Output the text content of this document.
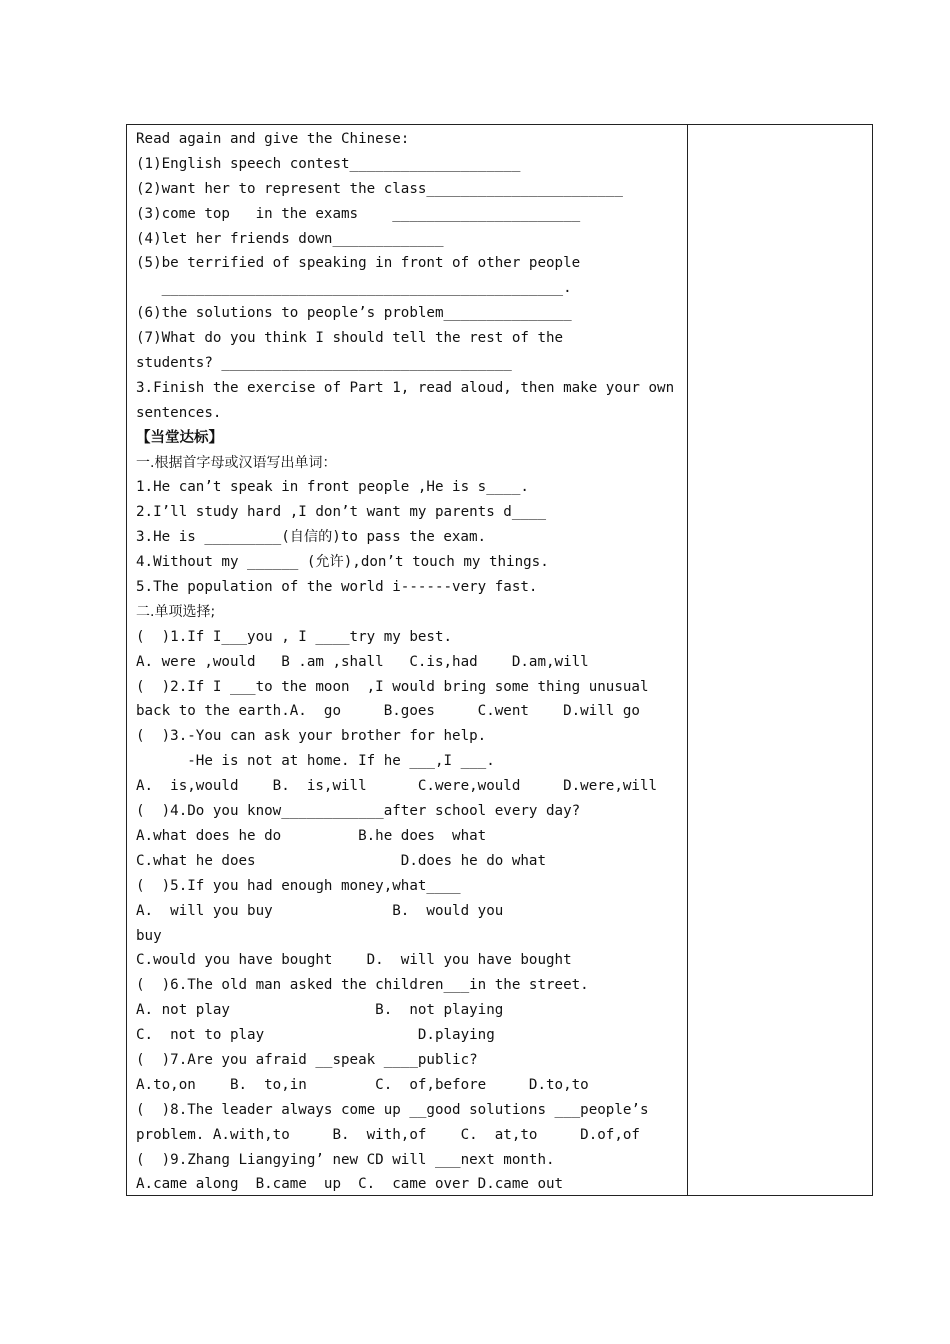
Read again and give the Chinese:
(1)English speech contest____________________
(2)want her to represent the class_______________________
(3)come top   in the exams    ______________________
(4)let her friends down_____________
(5)be terrified of speaking in front of other people
_______________________________________________.
(6)the solutions to people’s problem_______________
(7)What do you think I should tell the rest of the
students? __________________________________
3.Finish the exercise of Part 1, read aloud, then make your own
sentences.
【当堂达标】
一.根据首字母或汉语写出单词：
1.He can’t speak in front people ,He is s____.
2.I’ll study hard ,I don’t want my parents d____
3.He is _________(自信的)to pass the exam.
4.Without my ______ (允许),don’t touch my things.
5.The population of the world i------very fast.
二.单项选择;
(  )1.If I___you , I ____try my best.
A. were ,would   B .am ,shall   C.is,had    D.am,will
(  )2.If I ___to the moon  ,I would bring some thing unusual
back to the earth.A.  go     B.goes     C.went    D.will go
(  )3.-You can ask your brother for help.
-He is not at home. If he ___,I ___.
A.  is,would    B.  is,will      C.were,would     D.were,will
(  )4.Do you know____________after school every day?
A.what does he do         B.he does  what
C.what he does                 D.does he do what
(  )5.If you had enough money,what____
A.  will you buy              B.  would you
buy
C.would you have bought    D.  will you have bought
(  )6.The old man asked the children___in the street.
A. not play                 B.  not playing
C.  not to play                  D.playing
(  )7.Are you afraid __speak ____public?
A.to,on    B.  to,in        C.  of,before     D.to,to
(  )8.The leader always come up __good solutions ___people’s
problem. A.with,to     B.  with,of    C.  at,to     D.of,of
(  )9.Zhang Liangying’ new CD will ___next month.
A.came along  B.came  up  C.  came over D.came out
